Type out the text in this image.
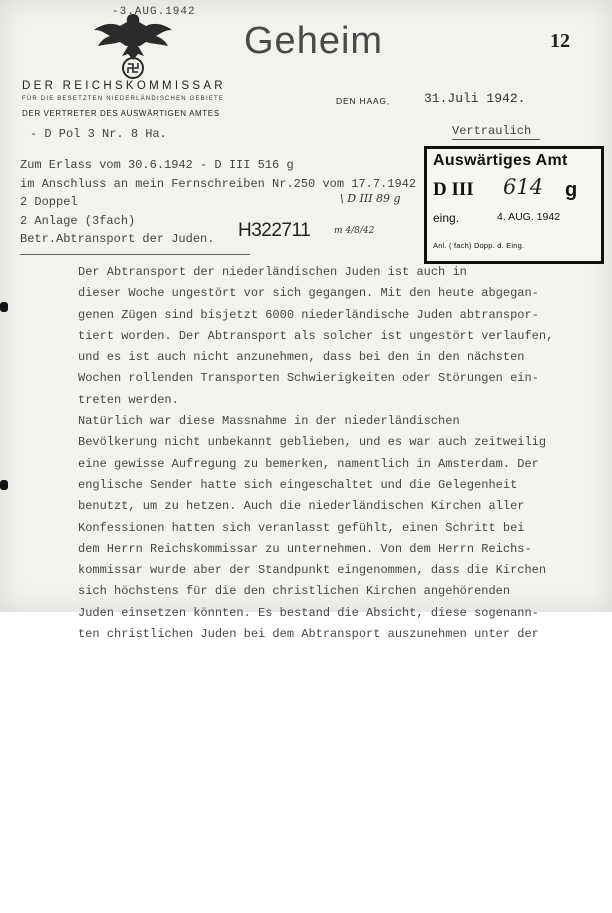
-3.AUG.1942
Geheim	12
DER REICHSKOMMISSAR
FÜR DIE BESETZTEN NIEDERLÄNDISCHEN GEBIETE
DER VERTRETER DES AUSWÄRTIGEN AMTES
DEN HAAG,	31.Juli 1942.
- D Pol 3 Nr. 8 Ha.	Vertraulich
Auswärtiges Amt
D III 614 g
eing.	4. AUG. 1942
Anl. ( fach) Dopp. d. Eing.
Zum Erlass vom 30.6.1942 - D III 516 g
im Anschluss an mein Fernschreiben Nr.250 vom 17.7.1942
2 Doppel
2 Anlage (3fach)
Betr.Abtransport der Juden.
\ D III 89 g
H322711	m 4/8/42
Der Abtransport der niederländischen Juden ist auch in
dieser Woche ungestört vor sich gegangen. Mit den heute abgegan-
genen Zügen sind bisjetzt 6000 niederländische Juden abtranspor-
tiert worden. Der Abtransport als solcher ist ungestört verlaufen,
und es ist auch nicht anzunehmen, dass bei den in den nächsten
Wochen rollenden Transporten Schwierigkeiten oder Störungen ein-
treten werden.
Natürlich war diese Massnahme in der niederländischen
Bevölkerung nicht unbekannt geblieben, und es war auch zeitweilig
eine gewisse Aufregung zu bemerken, namentlich in Amsterdam. Der
englische Sender hatte sich eingeschaltet und die Gelegenheit
benutzt, um zu hetzen. Auch die niederländischen Kirchen aller
Konfessionen hatten sich veranlasst gefühlt, einen Schritt bei
dem Herrn Reichskommissar zu unternehmen. Von dem Herrn Reichs-
kommissar wurde aber der Standpunkt eingenommen, dass die Kirchen
sich höchstens für die den christlichen Kirchen angehörenden
Juden einsetzen könnten. Es bestand die Absicht, diese sogenann-
ten christlichen Juden bei dem Abtransport auszunehmen unter der
